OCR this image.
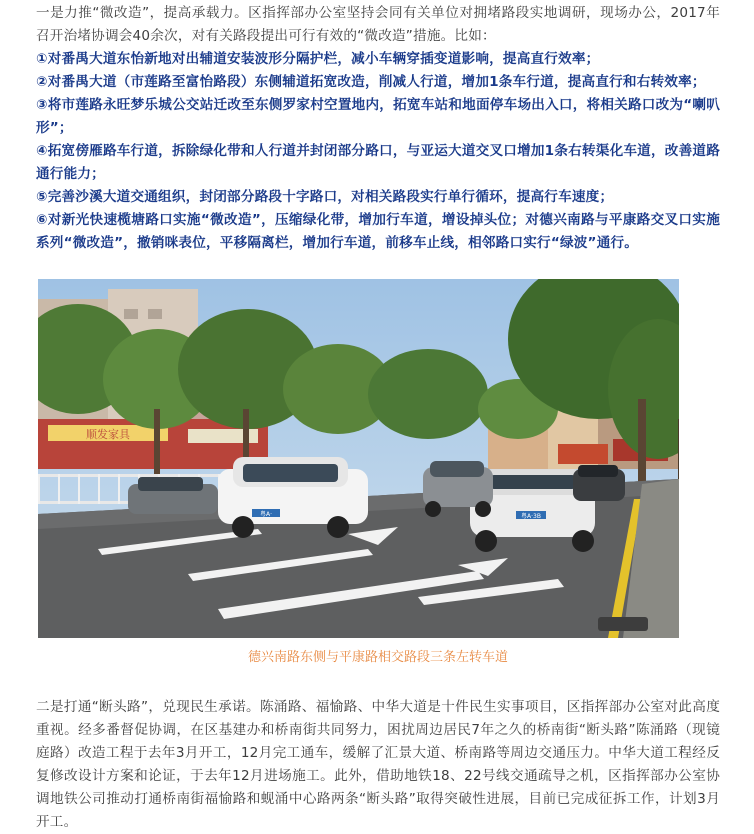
一是力推“微改造”，提高承载力。区指挥部办公室坚持会同有关单位对拥堵路段实地调研，现场办公，2017年召开治堵协调会40余次，对有关路段提出可行有效的“微改造”措施。比如：

①对番禺大道东怡新地对出辅道安装波形分隔护栏，减小车辆穿插变道影响，提高直行效率；
②对番禺大道（市莲路至富怡路段）东侧辅道拓宽改造，削减人行道，增加1条车行道，提高直行和右转效率；
③将市莲路永旺梦乐城公交站迁改至东侧罗家村空置地内，拓宽车站和地面停车场出入口，将相关路口改为“喇叭形”；
④拓宽傍雁路车行道，拆除绿化带和人行道并封闭部分路口，与亚运大道交叉口增加1条右转渠化车道，改善道路通行能力；
⑤完善沙溪大道交通组织，封闭部分路段十字路口，对相关路段实行单行循环，提高行车速度；
⑥对新光快速榄塘路口实施“微改造”，压缩绿化带，增加行车道，增设掉头位；对德兴南路与平康路交叉口实施系列“微改造”，撤销咪表位，平移隔离栏，增加行车道，前移车止线，相邻路口实行“绿波”通行。
顺发家具
粤A·	粤A·3B
德兴南路东侧与平康路相交路段三条左转车道

二是打通“断头路”，兑现民生承诺。陈涌路、福愉路、中华大道是十件民生实事项目，区指挥部办公室对此高度重视。经多番督促协调，在区基建办和桥南街共同努力，困扰周边居民7年之久的桥南街“断头路”陈涌路（现镜庭路）改造工程于去年3月开工，12月完工通车，缓解了汇景大道、桥南路等周边交通压力。中华大道工程经反复修改设计方案和论证，于去年12月进场施工。此外，借助地铁18、22号线交通疏导之机，区指挥部办公室协调地铁公司推动打通桥南街福愉路和蚬涌中心路两条“断头路”取得突破性进展，目前已完成征拆工作，计划3月开工。
